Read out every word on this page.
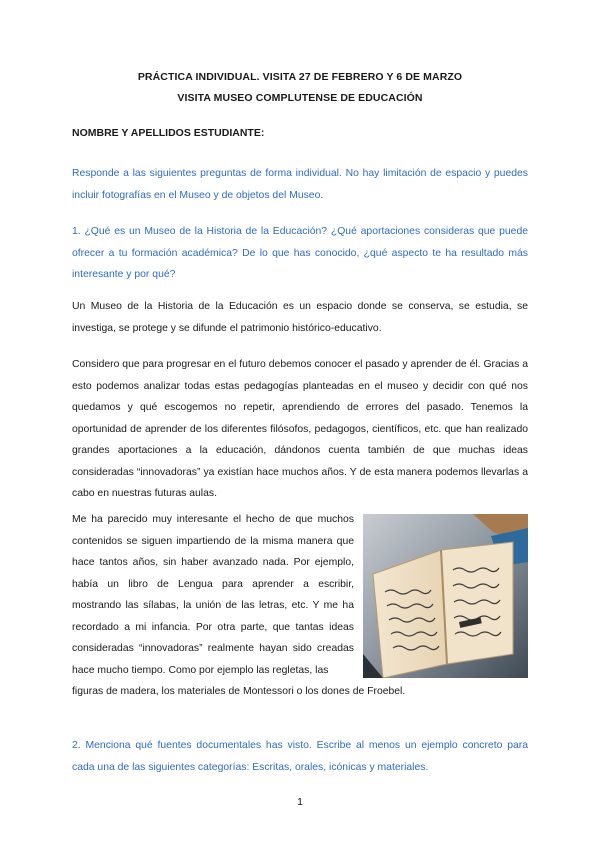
PRÁCTICA INDIVIDUAL. VISITA 27 DE FEBRERO Y 6 DE MARZO
VISITA MUSEO COMPLUTENSE DE EDUCACIÓN
NOMBRE Y APELLIDOS ESTUDIANTE:
Responde a las siguientes preguntas de forma individual. No hay limitación de espacio y puedes incluir fotografías en el Museo y de objetos del Museo.
1. ¿Qué es un Museo de la Historia de la Educación? ¿Qué aportaciones consideras que puede ofrecer a tu formación académica? De lo que has conocido, ¿qué aspecto te ha resultado más interesante y por qué?
Un Museo de la Historia de la Educación es un espacio donde se conserva, se estudia, se investiga, se protege y se difunde el patrimonio histórico-educativo.
Considero que para progresar en el futuro debemos conocer el pasado y aprender de él. Gracias a esto podemos analizar todas estas pedagogías planteadas en el museo y decidir con qué nos quedamos y qué escogemos no repetir, aprendiendo de errores del pasado. Tenemos la oportunidad de aprender de los diferentes filósofos, pedagogos, científicos, etc. que han realizado grandes aportaciones a la educación, dándonos cuenta también de que muchas ideas consideradas “innovadoras” ya existían hace muchos años. Y de esta manera podemos llevarlas a cabo en nuestras futuras aulas.
Me ha parecido muy interesante el hecho de que muchos contenidos se siguen impartiendo de la misma manera que hace tantos años, sin haber avanzado nada. Por ejemplo, había un libro de Lengua para aprender a escribir, mostrando las sílabas, la unión de las letras, etc. Y me ha recordado a mi infancia. Por otra parte, que tantas ideas consideradas “innovadoras” realmente hayan sido creadas hace mucho tiempo. Como por ejemplo las regletas, las
figuras de madera, los materiales de Montessori o los dones de Froebel.
2. Menciona qué fuentes documentales has visto. Escribe al menos un ejemplo concreto para cada una de las siguientes categorías: Escritas, orales, icónicas y materiales.
1
